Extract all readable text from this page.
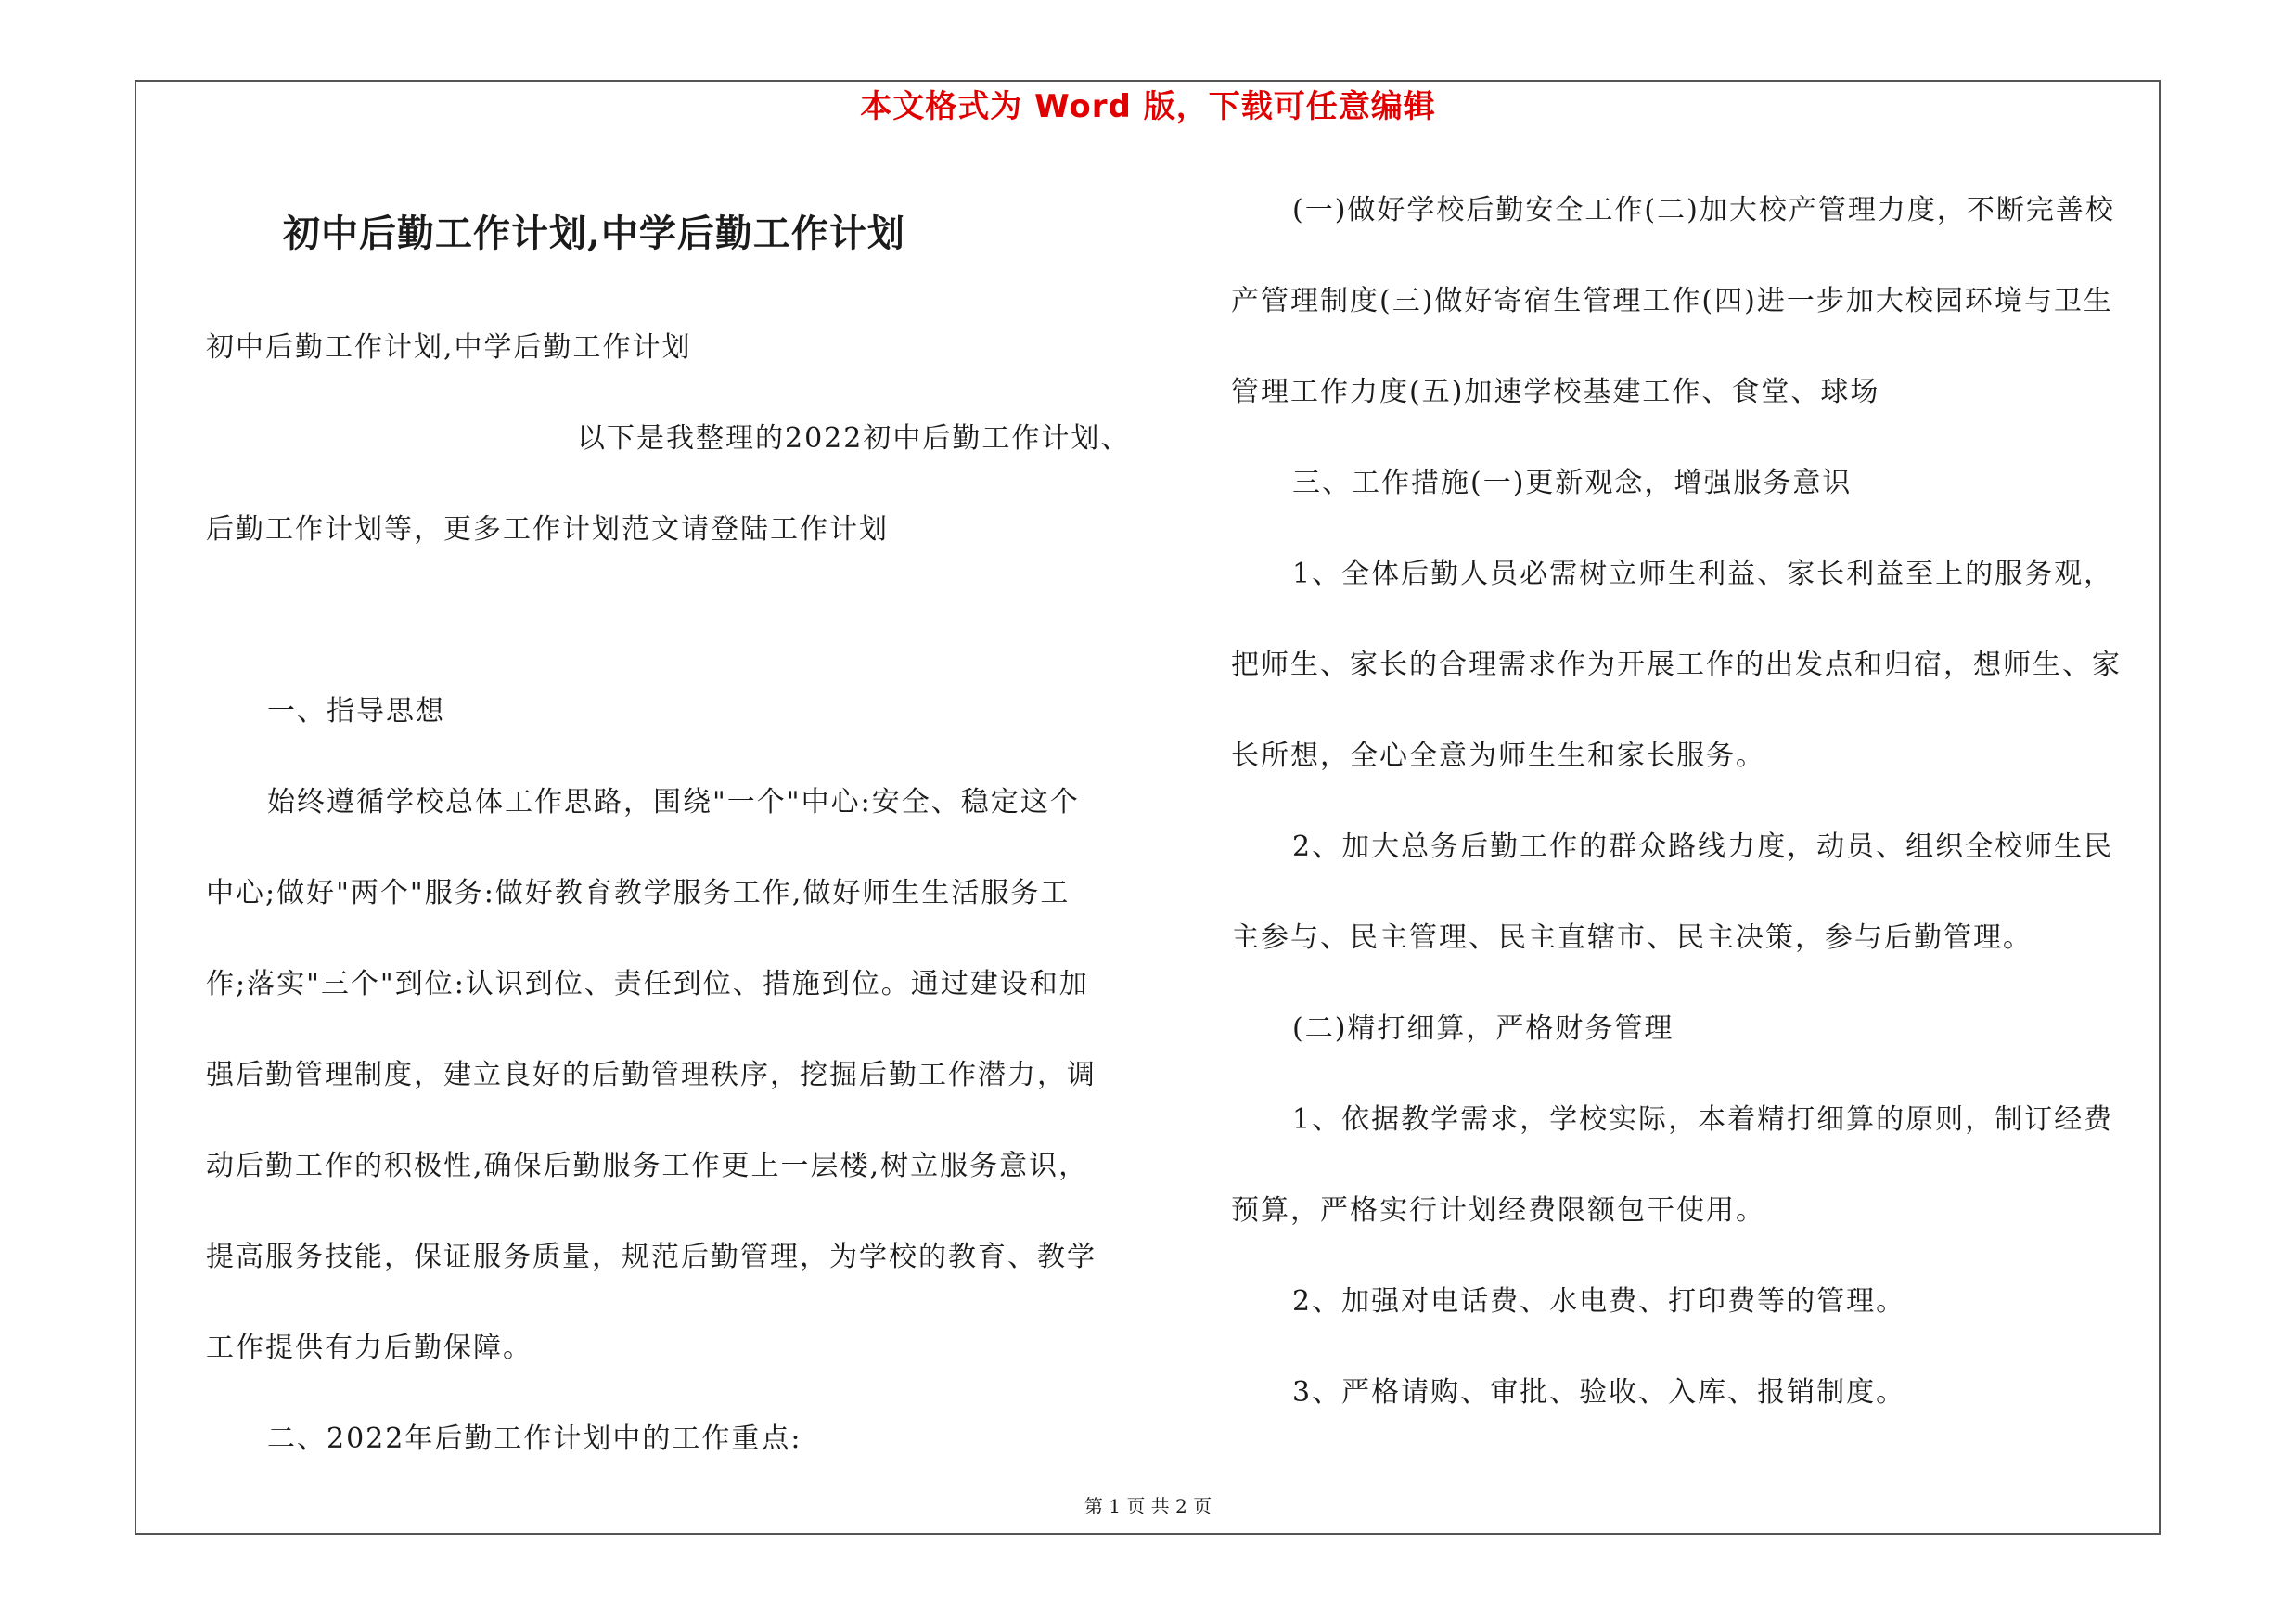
本文格式为 Word 版，下载可任意编辑
初中后勤工作计划,中学后勤工作计划
初中后勤工作计划,中学后勤工作计划
以下是我整理的2022初中后勤工作计划、
后勤工作计划等，更多工作计划范文请登陆工作计划
一、指导思想
始终遵循学校总体工作思路，围绕"一个"中心:安全、稳定这个
中心;做好"两个"服务:做好教育教学服务工作,做好师生生活服务工
作;落实"三个"到位:认识到位、责任到位、措施到位。通过建设和加
强后勤管理制度，建立良好的后勤管理秩序，挖掘后勤工作潜力，调
动后勤工作的积极性,确保后勤服务工作更上一层楼,树立服务意识，
提高服务技能，保证服务质量，规范后勤管理，为学校的教育、教学
工作提供有力后勤保障。
二、2022年后勤工作计划中的工作重点:
(一)做好学校后勤安全工作(二)加大校产管理力度，不断完善校
产管理制度(三)做好寄宿生管理工作(四)进一步加大校园环境与卫生
管理工作力度(五)加速学校基建工作、食堂、球场
三、工作措施(一)更新观念，增强服务意识
1、全体后勤人员必需树立师生利益、家长利益至上的服务观，
把师生、家长的合理需求作为开展工作的出发点和归宿，想师生、家
长所想，全心全意为师生生和家长服务。
2、加大总务后勤工作的群众路线力度，动员、组织全校师生民
主参与、民主管理、民主直辖市、民主决策，参与后勤管理。
(二)精打细算，严格财务管理
1、依据教学需求，学校实际，本着精打细算的原则，制订经费
预算，严格实行计划经费限额包干使用。
2、加强对电话费、水电费、打印费等的管理。
3、严格请购、审批、验收、入库、报销制度。
第 1 页 共 2 页
